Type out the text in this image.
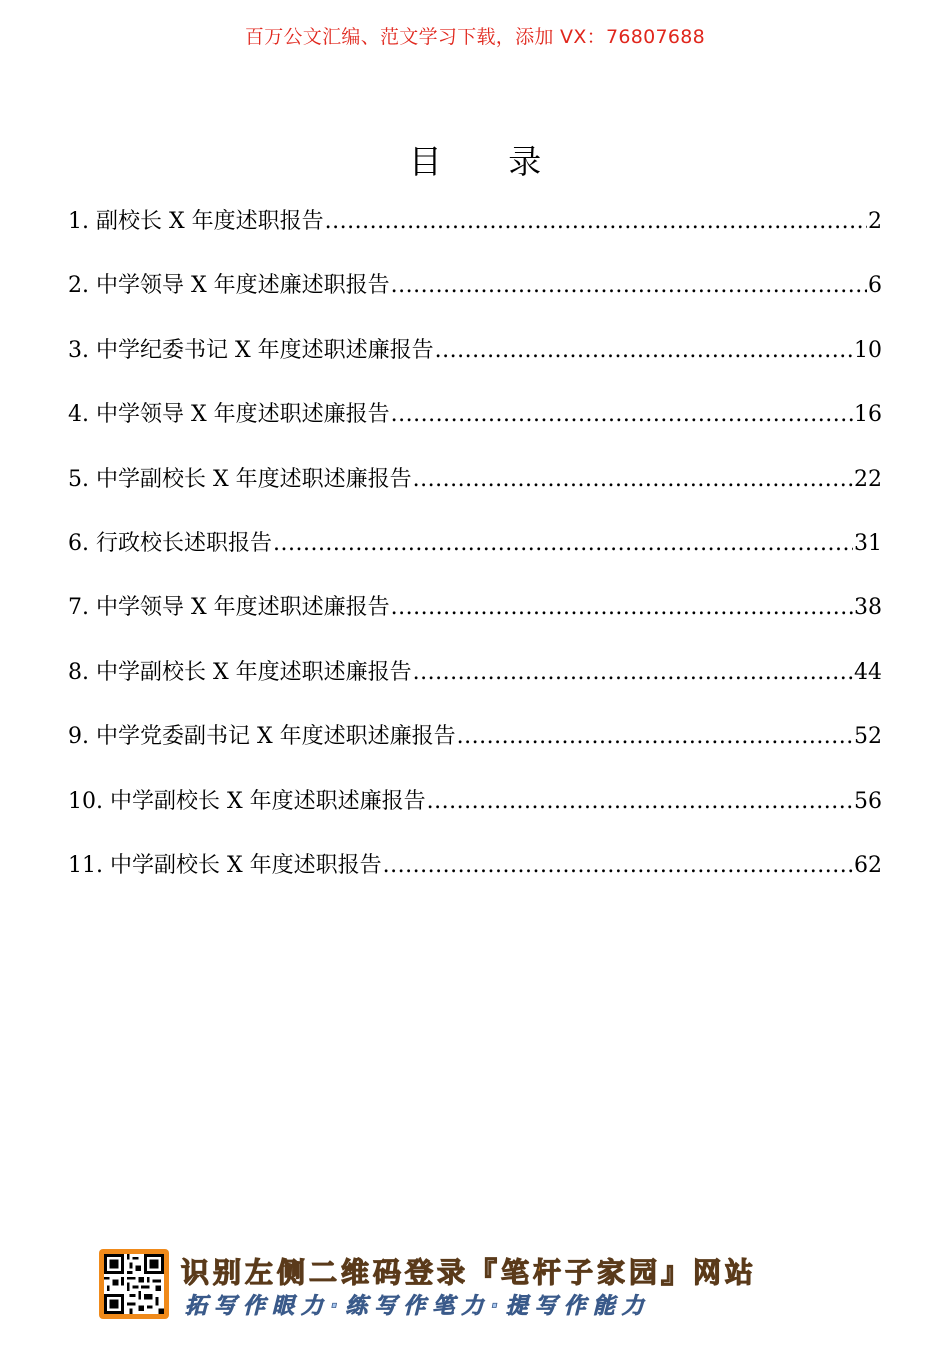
百万公文汇编、范文学习下载，添加 VX：76807688
目 录
1. 副校长 X 年度述职报告 .....	2
2. 中学领导 X 年度述廉述职报告 .....	6
3. 中学纪委书记 X 年度述职述廉报告 .....	10
4. 中学领导 X 年度述职述廉报告 .....	16
5. 中学副校长 X 年度述职述廉报告 .....	22
6. 行政校长述职报告 .....	31
7. 中学领导 X 年度述职述廉报告 .....	38
8. 中学副校长 X 年度述职述廉报告 .....	44
9. 中学党委副书记 X 年度述职述廉报告 .....	52
10. 中学副校长 X 年度述职述廉报告 .....	56
11. 中学副校长 X 年度述职报告 .....	62
识别左侧二维码登录『笔杆子家园』网站
拓写作眼力·练写作笔力·提写作能力
